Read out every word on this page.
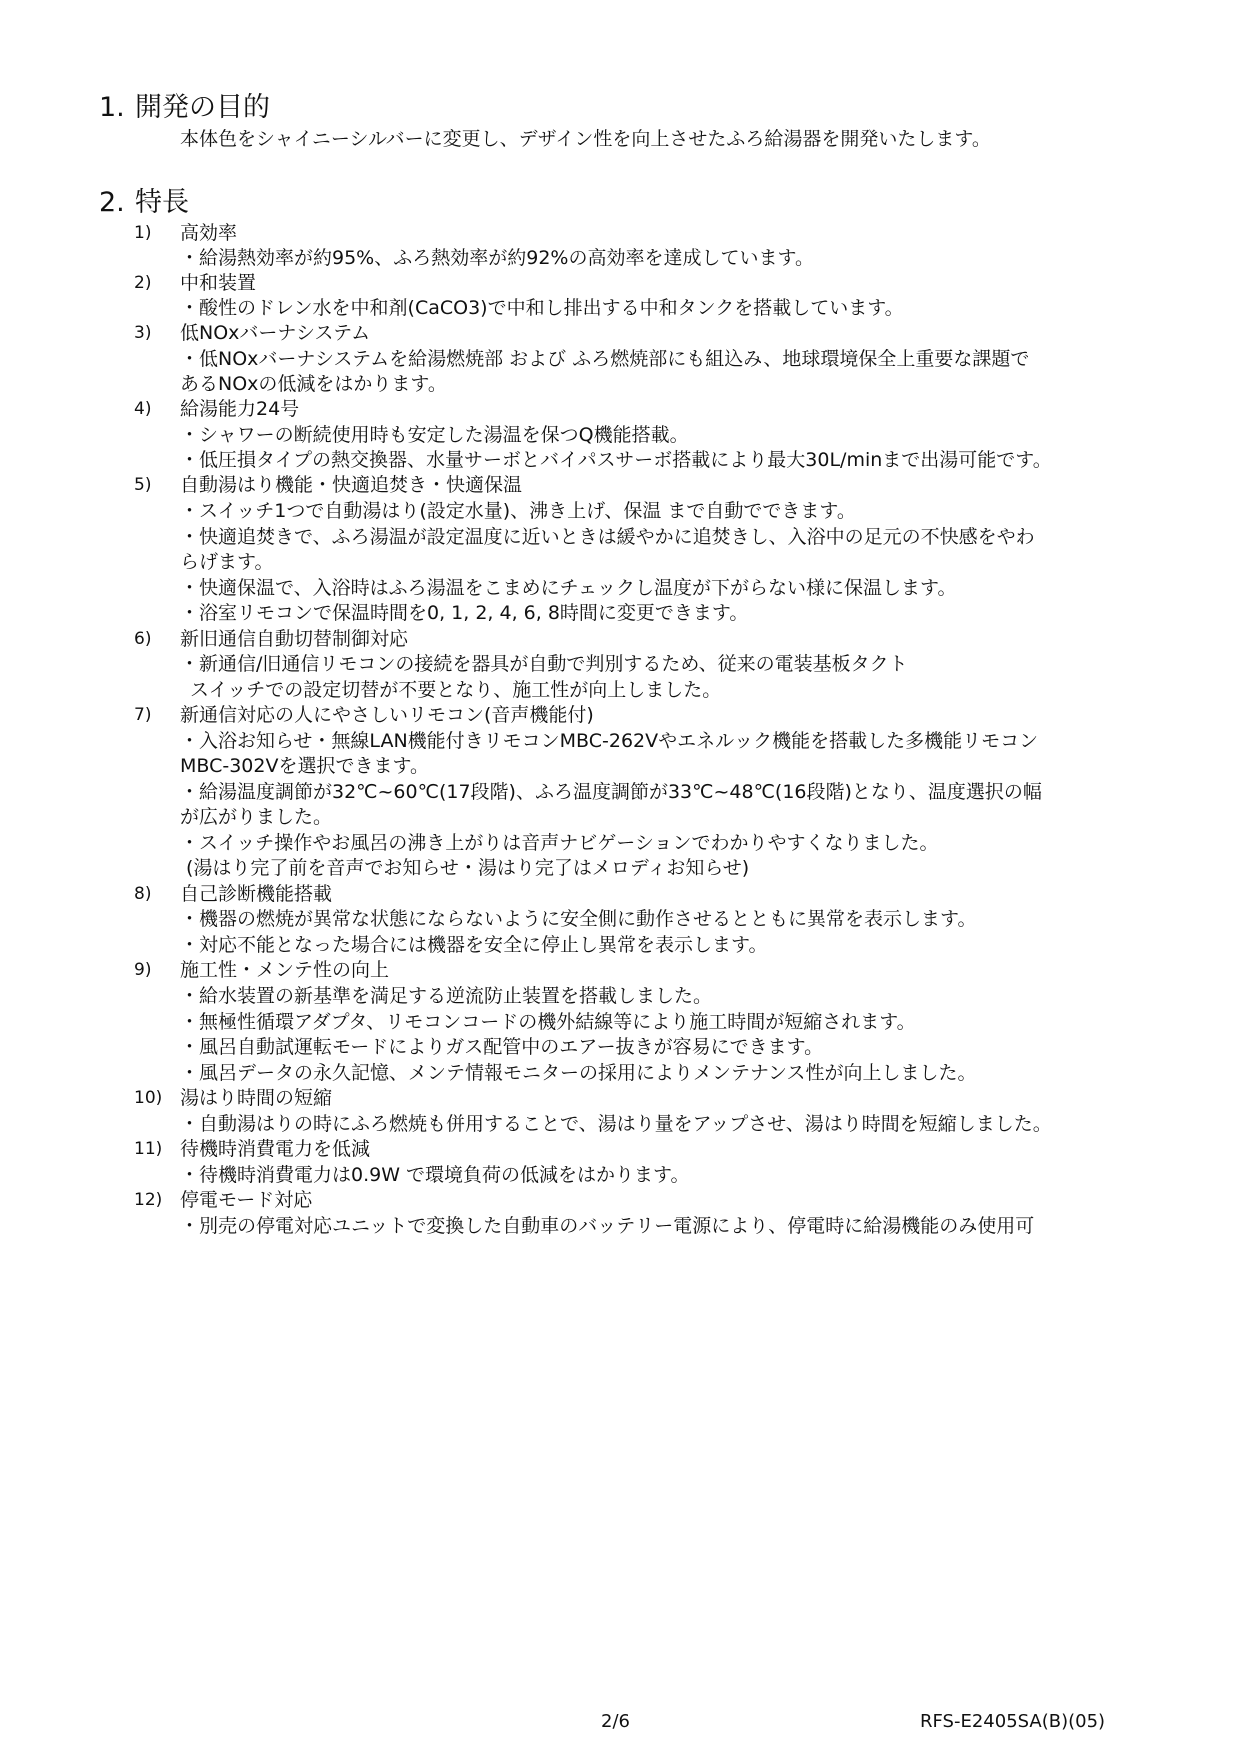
1. 開発の目的
本体色をシャイニーシルバーに変更し、デザイン性を向上させたふろ給湯器を開発いたします。
2. 特長
1) 高効率
・給湯熱効率が約95%、ふろ熱効率が約92%の高効率を達成しています。
2) 中和装置
・酸性のドレン水を中和剤(CaCO3)で中和し排出する中和タンクを搭載しています。
3) 低NOxバーナシステム
・低NOxバーナシステムを給湯燃焼部 および ふろ燃焼部にも組込み、地球環境保全上重要な課題で
あるNOxの低減をはかります。
4) 給湯能力24号
・シャワーの断続使用時も安定した湯温を保つQ機能搭載。
・低圧損タイプの熱交換器、水量サーボとバイパスサーボ搭載により最大30L/minまで出湯可能です。
5) 自動湯はり機能・快適追焚き・快適保温
・スイッチ1つで自動湯はり(設定水量)、沸き上げ、保温 まで自動でできます。
・快適追焚きで、ふろ湯温が設定温度に近いときは緩やかに追焚きし、入浴中の足元の不快感をやわ
らげます。
・快適保温で、入浴時はふろ湯温をこまめにチェックし温度が下がらない様に保温します。
・浴室リモコンで保温時間を0, 1, 2, 4, 6, 8時間に変更できます。
6) 新旧通信自動切替制御対応
・新通信/旧通信リモコンの接続を器具が自動で判別するため、従来の電装基板タクト
スイッチでの設定切替が不要となり、施工性が向上しました。
7) 新通信対応の人にやさしいリモコン(音声機能付)
・入浴お知らせ・無線LAN機能付きリモコンMBC-262Vやエネルック機能を搭載した多機能リモコン
MBC-302Vを選択できます。
・給湯温度調節が32℃~60℃(17段階)、ふろ温度調節が33℃~48℃(16段階)となり、温度選択の幅
が広がりました。
・スイッチ操作やお風呂の沸き上がりは音声ナビゲーションでわかりやすくなりました。
(湯はり完了前を音声でお知らせ・湯はり完了はメロディお知らせ)
8) 自己診断機能搭載
・機器の燃焼が異常な状態にならないように安全側に動作させるとともに異常を表示します。
・対応不能となった場合には機器を安全に停止し異常を表示します。
9) 施工性・メンテ性の向上
・給水装置の新基準を満足する逆流防止装置を搭載しました。
・無極性循環アダプタ、リモコンコードの機外結線等により施工時間が短縮されます。
・風呂自動試運転モードによりガス配管中のエアー抜きが容易にできます。
・風呂データの永久記憶、メンテ情報モニターの採用によりメンテナンス性が向上しました。
10) 湯はり時間の短縮
・自動湯はりの時にふろ燃焼も併用することで、湯はり量をアップさせ、湯はり時間を短縮しました。
11) 待機時消費電力を低減
・待機時消費電力は0.9W で環境負荷の低減をはかります。
12) 停電モード対応
・別売の停電対応ユニットで変換した自動車のバッテリー電源により、停電時に給湯機能のみ使用可
2/6	RFS-E2405SA(B)(05)
